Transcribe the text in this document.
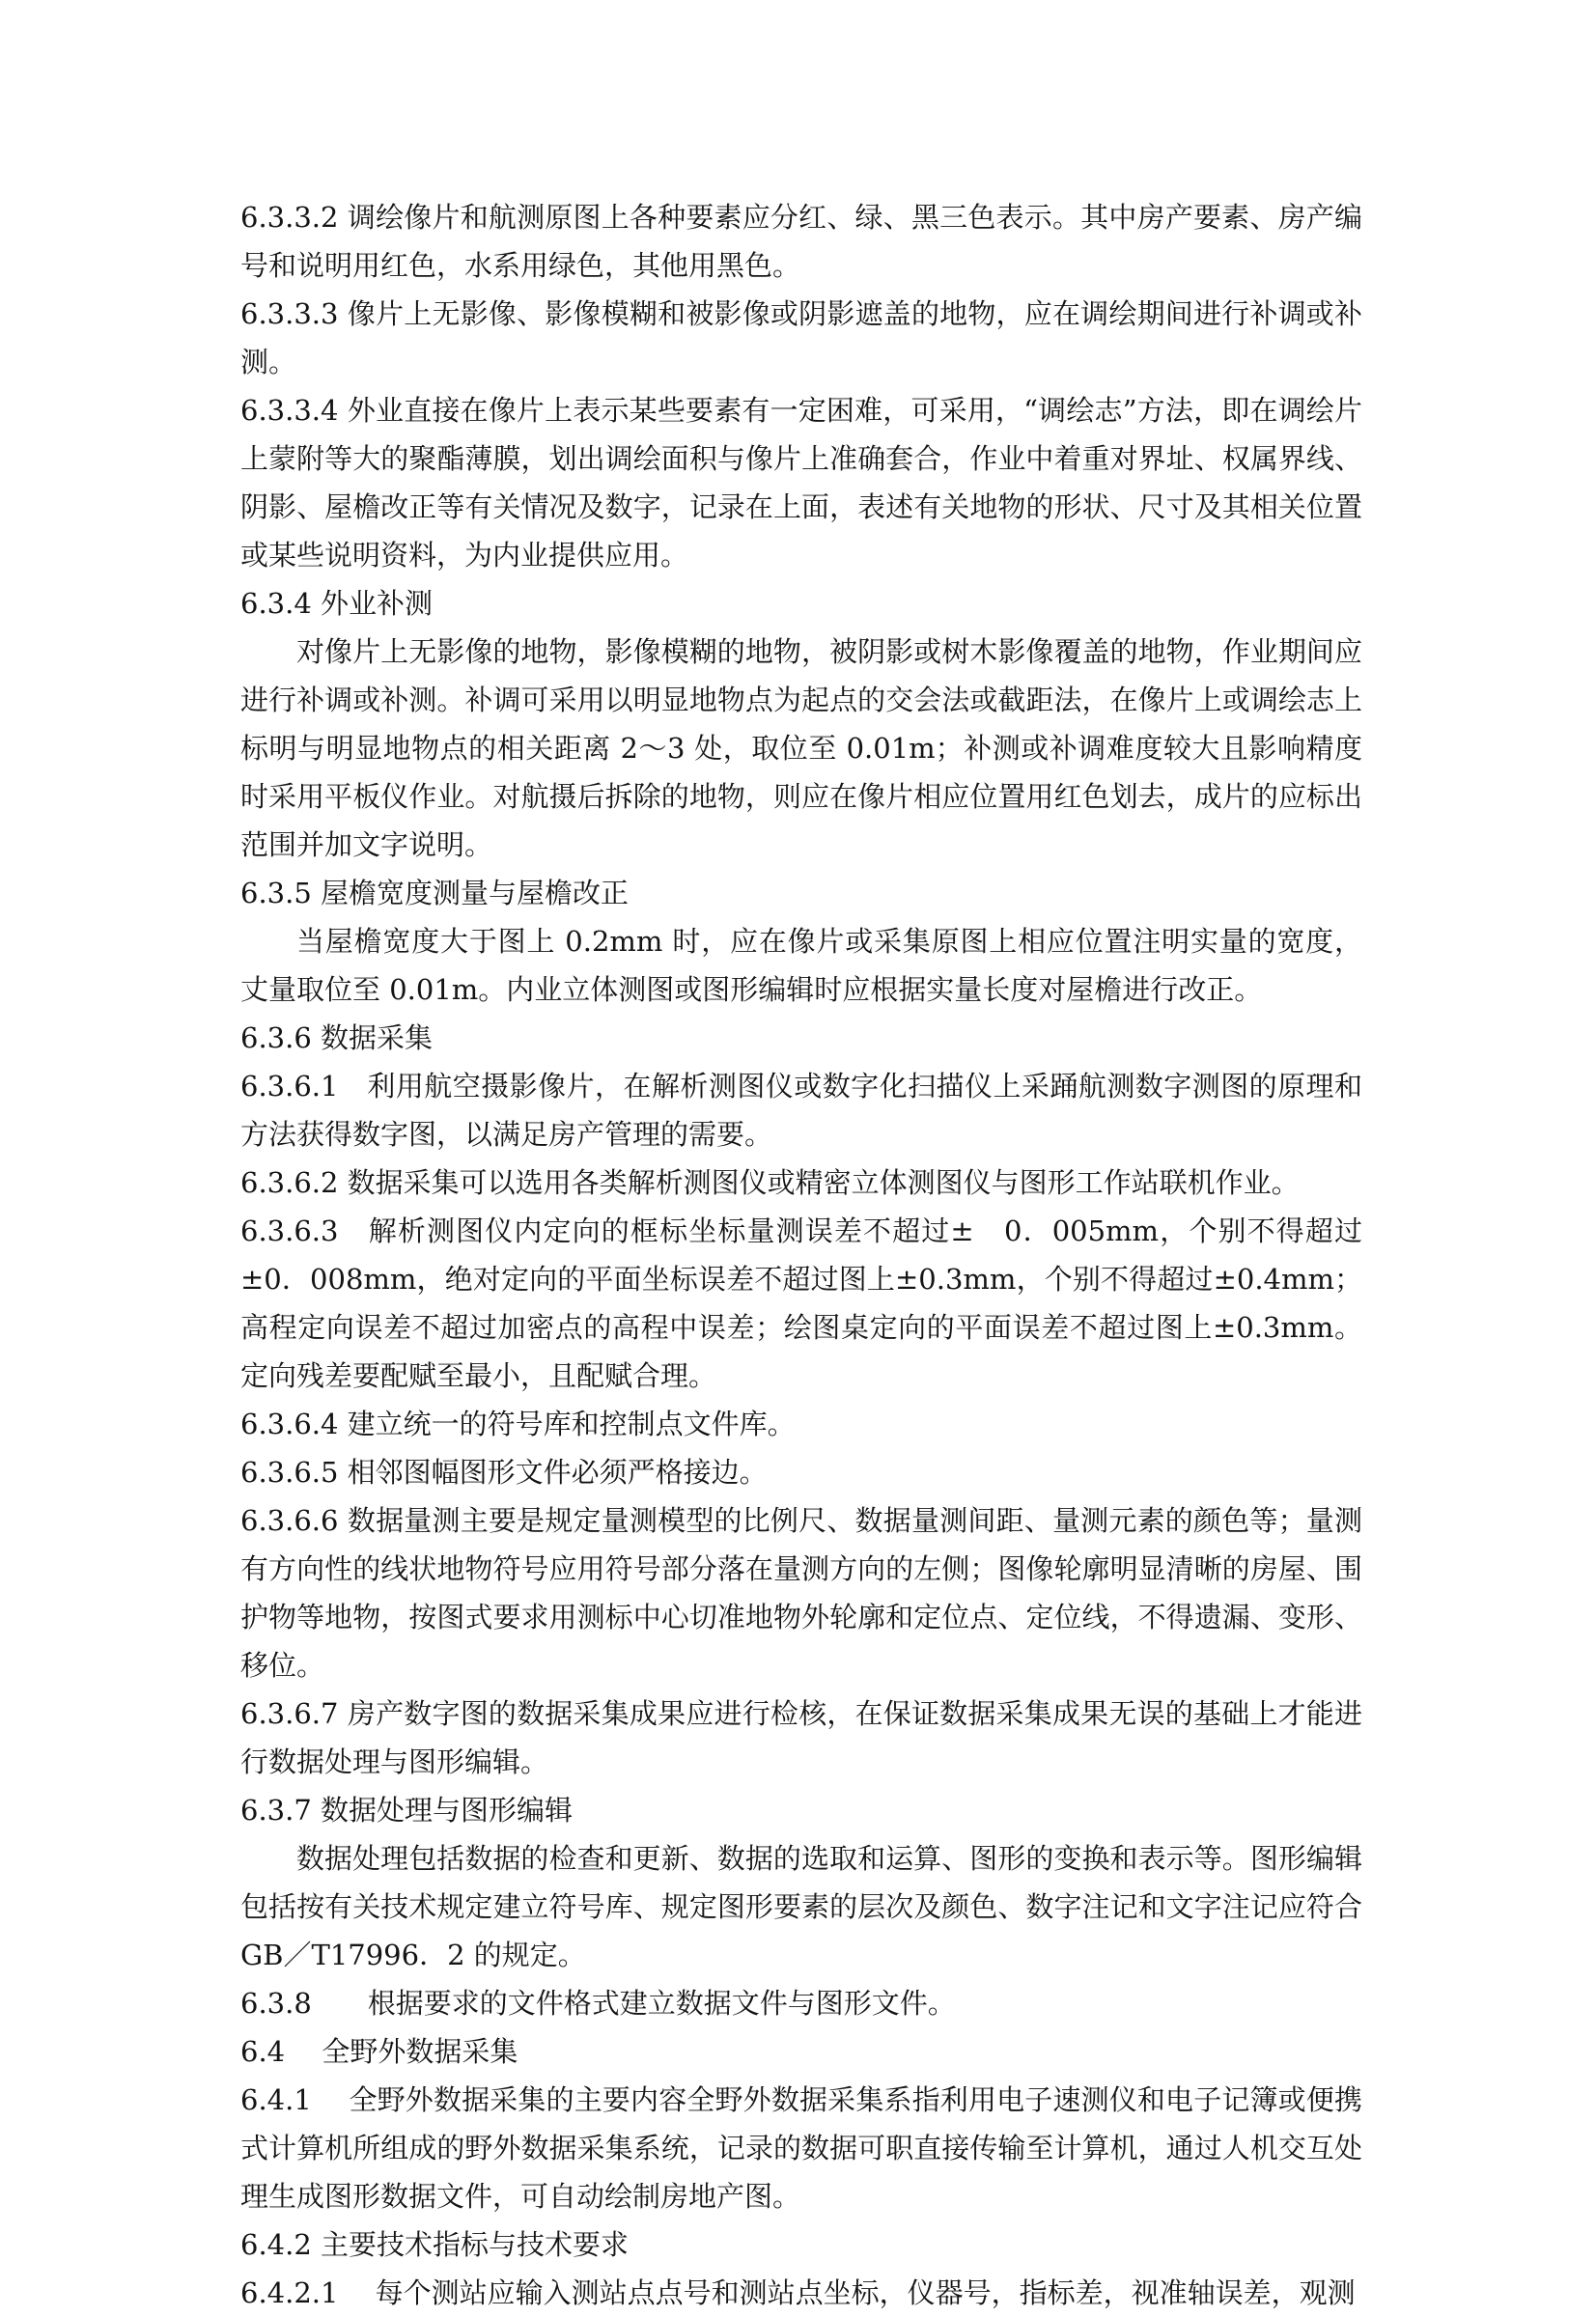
6.3.3.2 调绘像片和航测原图上各种要素应分红、绿、黑三色表示。其中房产要素、房产编号和说明用红色，水系用绿色，其他用黑色。

6.3.3.3 像片上无影像、影像模糊和被影像或阴影遮盖的地物，应在调绘期间进行补调或补测。

6.3.3.4 外业直接在像片上表示某些要素有一定困难，可采用，“调绘志”方法，即在调绘片上蒙附等大的聚酯薄膜，划出调绘面积与像片上准确套合，作业中着重对界址、权属界线、阴影、屋檐改正等有关情况及数字，记录在上面，表述有关地物的形状、尺寸及其相关位置或某些说明资料，为内业提供应用。

6.3.4 外业补测

对像片上无影像的地物，影像模糊的地物，被阴影或树木影像覆盖的地物，作业期间应进行补调或补测。补调可采用以明显地物点为起点的交会法或截距法，在像片上或调绘志上标明与明显地物点的相关距离 2～3 处，取位至 0.01m；补测或补调难度较大且影响精度时采用平板仪作业。对航摄后拆除的地物，则应在像片相应位置用红色划去，成片的应标出范围并加文字说明。

6.3.5 屋檐宽度测量与屋檐改正

当屋檐宽度大于图上 0.2mm 时，应在像片或采集原图上相应位置注明实量的宽度，丈量取位至 0.01m。内业立体测图或图形编辑时应根据实量长度对屋檐进行改正。

6.3.6 数据采集

6.3.6.1　利用航空摄影像片，在解析测图仪或数字化扫描仪上采踊航测数字测图的原理和方法获得数字图，以满足房产管理的需要。

6.3.6.2 数据采集可以选用各类解析测图仪或精密立体测图仪与图形工作站联机作业。

6.3.6.3　解析测图仪内定向的框标坐标量测误差不超过±　0．005mm，个别不得超过±0．008mm，绝对定向的平面坐标误差不超过图上±0.3mm，个别不得超过±0.4mm；高程定向误差不超过加密点的高程中误差；绘图桌定向的平面误差不超过图上±0.3mm。定向残差要配赋至最小，且配赋合理。

6.3.6.4 建立统一的符号库和控制点文件库。

6.3.6.5 相邻图幅图形文件必须严格接边。

6.3.6.6 数据量测主要是规定量测模型的比例尺、数据量测间距、量测元素的颜色等；量测有方向性的线状地物符号应用符号部分落在量测方向的左侧；图像轮廓明显清晰的房屋、围护物等地物，按图式要求用测标中心切准地物外轮廓和定位点、定位线，不得遗漏、变形、移位。

6.3.6.7 房产数字图的数据采集成果应进行检核，在保证数据采集成果无误的基础上才能进行数据处理与图形编辑。

6.3.7 数据处理与图形编辑

数据处理包括数据的检查和更新、数据的选取和运算、图形的变换和表示等。图形编辑包括按有关技术规定建立符号库、规定图形要素的层次及颜色、数字注记和文字注记应符合GB／T17996．2 的规定。

6.3.8　　根据要求的文件格式建立数据文件与图形文件。

6.4　 全野外数据采集

6.4.1　 全野外数据采集的主要内容全野外数据采集系指利用电子速测仪和电子记簿或便携式计算机所组成的野外数据采集系统，记录的数据可职直接传输至计算机，通过人机交互处理生成图形数据文件，可自动绘制房地产图。

6.4.2 主要技术指标与技术要求

6.4.2.1　 每个测站应输入测站点点号和测站点坐标，仪器号，指标差，视准轴误差，观测
